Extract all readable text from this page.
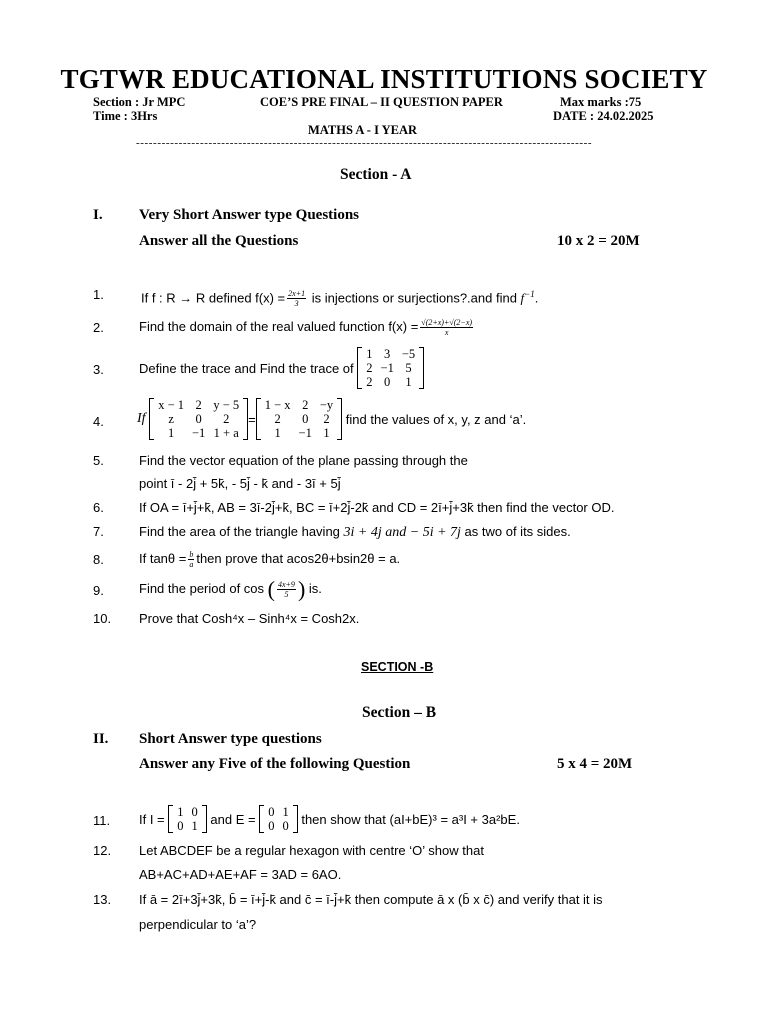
TGTWR EDUCATIONAL INSTITUTIONS SOCIETY
Section : Jr MPC	COE’S PRE FINAL – II QUESTION PAPER	Max marks :75
Time : 3Hrs	DATE : 24.02.2025
MATHS A - I YEAR
-----------------------------------------------------------------------------------------------------------
Section - A
I. Very Short Answer type Questions
Answer all the Questions	10 x 2 = 20M
1.	If f : R → R defined $f(x) = \frac{2x+1}{3}$ is injections or surjections?.and find $f^{-1}$.
2.	Find the domain of the real valued function $f(x) = \frac{√(2+x)+√(2-x)}{x}$
3.	Define the trace and Find the trace of
1	3	−5
2	−1	5
2	0	1
4. If
x − 1	2	y − 5
z	0	2
1	−1	1 + a
=
1 − x	2	−y
2	0	2
1	−1	1
find the values of x, y, z and ‘a’.
5.	Find the vector equation of the plane passing through the
point ī - 2j̄ + 5k̄, - 5j̄ - k̄ and - 3ī + 5j̄
6.	If OA = ī+j̄+k̄, AB = 3ī-2j̄+k̄, BC = ī+2j̄-2k̄ and CD = 2ī+j̄+3k̄ then find the vector OD.
7.	Find the area of the triangle having 3i + 4j and − 5i + 7j as two of its sides.
8.	If $\tan\theta = \frac{b}{a}$ then prove that acos2θ+bsin2θ = a.
9.	Find the period of cos ( $\frac{4x+9}{5}$ ) is.
10. Prove that Cosh⁴x – Sinh⁴x = Cosh2x.
SECTION -B
Section – B
II. Short Answer type questions
Answer any Five of the following Question	5 x 4 = 20M
11. If I = 1	0
0	1 and E = 0	1
0	0 then show that (aI+bE)³ = a³I + 3a²bE.
12. Let ABCDEF be a regular hexagon with centre ‘O’ show that
AB+AC+AD+AE+AF = 3AD = 6AO.
13. If ā = 2ī+3j̄+3k̄, b̄ = ī+j̄-k̄ and c̄ = ī-j̄+k̄ then compute ā x (b̄ x c̄) and verify that it is
perpendicular to ‘a’?
